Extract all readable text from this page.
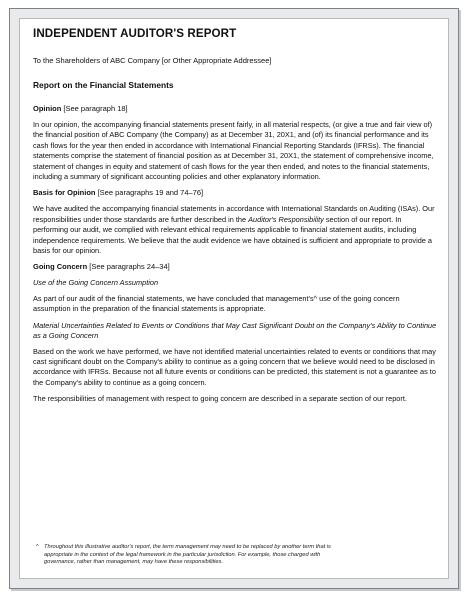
INDEPENDENT AUDITOR'S REPORT
To the Shareholders of ABC Company [or Other Appropriate Addressee]
Report on the Financial Statements
Opinion [See paragraph 18]

In our opinion, the accompanying financial statements present fairly, in all material respects, (or give a true and fair view of) the financial position of ABC Company (the Company) as at December 31, 20X1, and (of) its financial performance and its cash flows for the year then ended in accordance with International Financial Reporting Standards (IFRSs). The financial statements comprise the statement of financial position as at December 31, 20X1, the statement of comprehensive income, statement of changes in equity and statement of cash flows for the year then ended, and notes to the financial statements, including a summary of significant accounting policies and other explanatory information.

Basis for Opinion [See paragraphs 19 and 74–76]

We have audited the accompanying financial statements in accordance with International Standards on Auditing (ISAs). Our responsibilities under those standards are further described in the Auditor's Responsibility section of our report. In performing our audit, we complied with relevant ethical requirements applicable to financial statement audits, including independence requirements. We believe that the audit evidence we have obtained is sufficient and appropriate to provide a basis for our opinion.

Going Concern [See paragraphs 24–34]

Use of the Going Concern Assumption

As part of our audit of the financial statements, we have concluded that management's^ use of the going concern assumption in the preparation of the financial statements is appropriate.

Material Uncertainties Related to Events or Conditions that May Cast Significant Doubt on the Company's Ability to Continue as a Going Concern

Based on the work we have performed, we have not identified material uncertainties related to events or conditions that may cast significant doubt on the Company's ability to continue as a going concern that we believe would need to be disclosed in accordance with IFRSs. Because not all future events or conditions can be predicted, this statement is not a guarantee as to the Company's ability to continue as a going concern.

The responsibilities of management with respect to going concern are described in a separate section of our report.

^ Throughout this illustrative auditor's report, the term management may need to be replaced by another term that is appropriate in the context of the legal framework in the particular jurisdiction. For example, those charged with governance, rather than management, may have these responsibilities.
